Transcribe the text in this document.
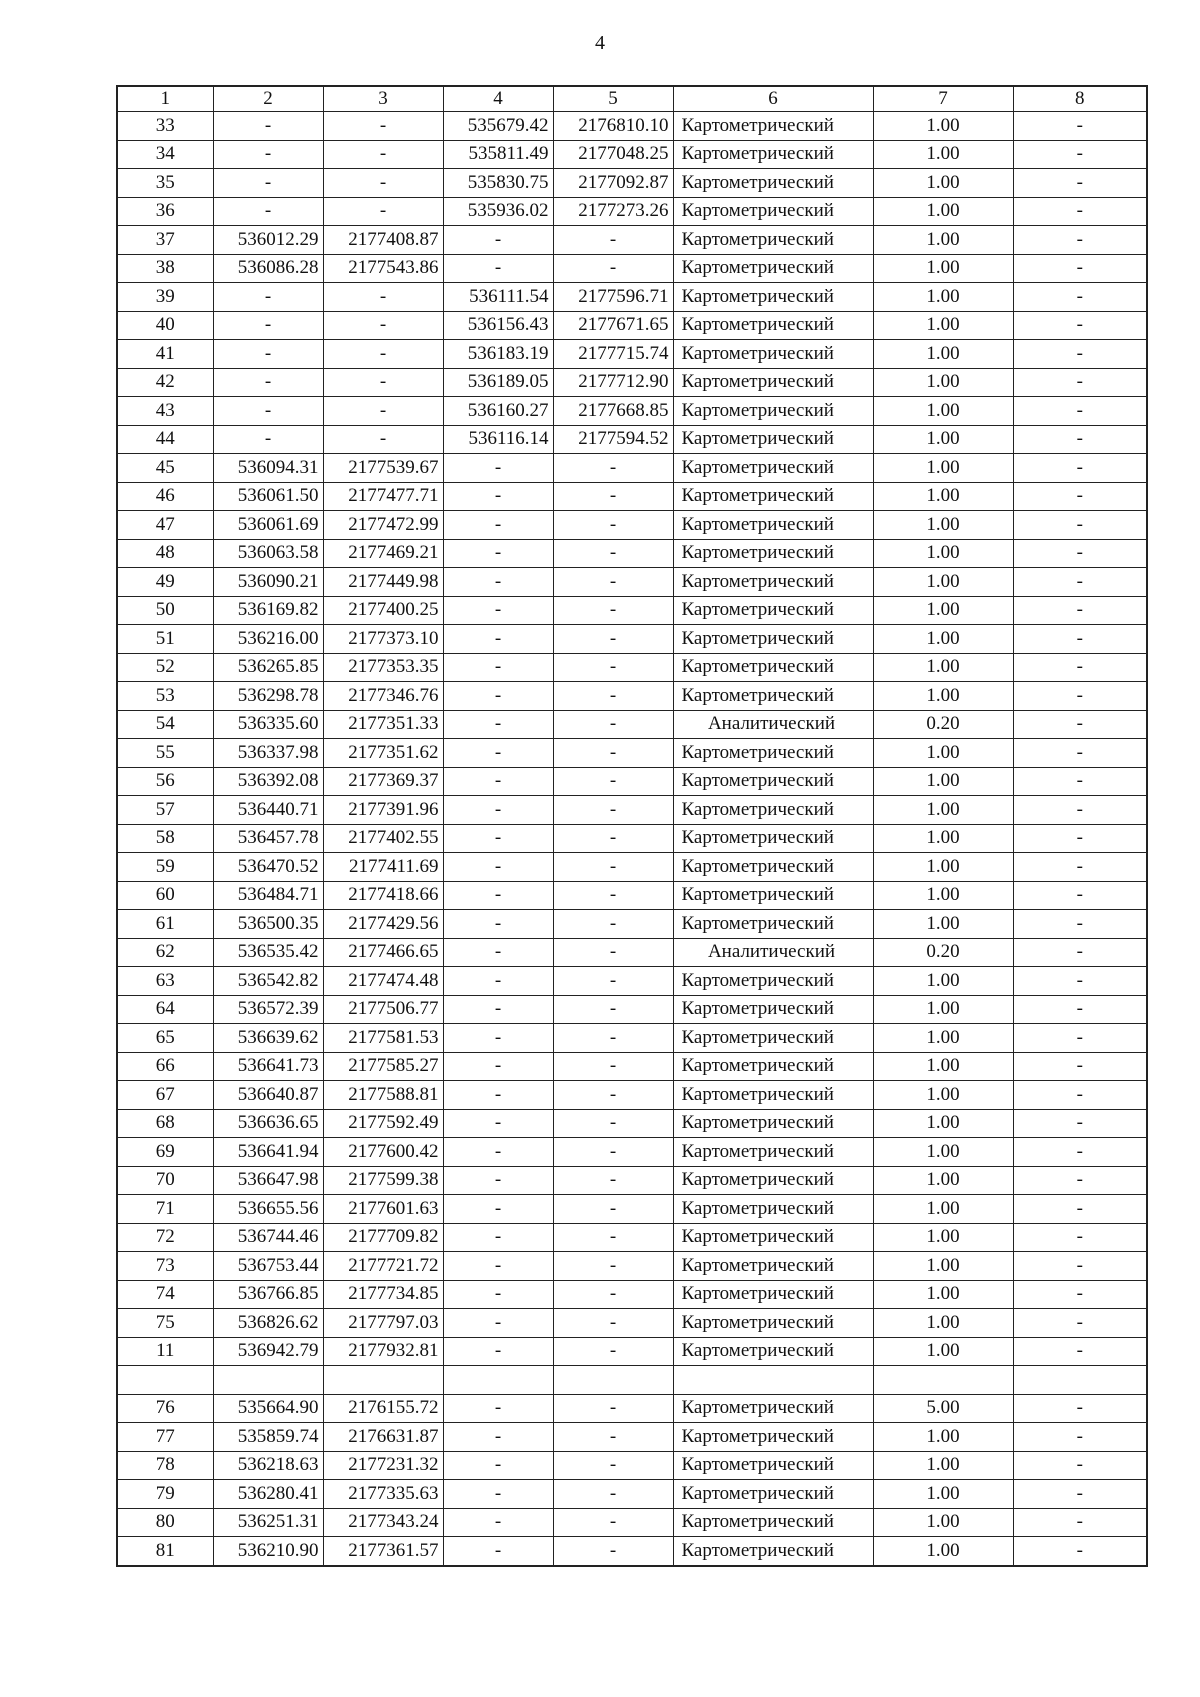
4
1	2	3	4	5	6	7	8
33	-	-	535679.42	2176810.10	Картометрический	1.00	-
34	-	-	535811.49	2177048.25	Картометрический	1.00	-
35	-	-	535830.75	2177092.87	Картометрический	1.00	-
36	-	-	535936.02	2177273.26	Картометрический	1.00	-
37	536012.29	2177408.87	-	-	Картометрический	1.00	-
38	536086.28	2177543.86	-	-	Картометрический	1.00	-
39	-	-	536111.54	2177596.71	Картометрический	1.00	-
40	-	-	536156.43	2177671.65	Картометрический	1.00	-
41	-	-	536183.19	2177715.74	Картометрический	1.00	-
42	-	-	536189.05	2177712.90	Картометрический	1.00	-
43	-	-	536160.27	2177668.85	Картометрический	1.00	-
44	-	-	536116.14	2177594.52	Картометрический	1.00	-
45	536094.31	2177539.67	-	-	Картометрический	1.00	-
46	536061.50	2177477.71	-	-	Картометрический	1.00	-
47	536061.69	2177472.99	-	-	Картометрический	1.00	-
48	536063.58	2177469.21	-	-	Картометрический	1.00	-
49	536090.21	2177449.98	-	-	Картометрический	1.00	-
50	536169.82	2177400.25	-	-	Картометрический	1.00	-
51	536216.00	2177373.10	-	-	Картометрический	1.00	-
52	536265.85	2177353.35	-	-	Картометрический	1.00	-
53	536298.78	2177346.76	-	-	Картометрический	1.00	-
54	536335.60	2177351.33	-	-	Аналитический	0.20	-
55	536337.98	2177351.62	-	-	Картометрический	1.00	-
56	536392.08	2177369.37	-	-	Картометрический	1.00	-
57	536440.71	2177391.96	-	-	Картометрический	1.00	-
58	536457.78	2177402.55	-	-	Картометрический	1.00	-
59	536470.52	2177411.69	-	-	Картометрический	1.00	-
60	536484.71	2177418.66	-	-	Картометрический	1.00	-
61	536500.35	2177429.56	-	-	Картометрический	1.00	-
62	536535.42	2177466.65	-	-	Аналитический	0.20	-
63	536542.82	2177474.48	-	-	Картометрический	1.00	-
64	536572.39	2177506.77	-	-	Картометрический	1.00	-
65	536639.62	2177581.53	-	-	Картометрический	1.00	-
66	536641.73	2177585.27	-	-	Картометрический	1.00	-
67	536640.87	2177588.81	-	-	Картометрический	1.00	-
68	536636.65	2177592.49	-	-	Картометрический	1.00	-
69	536641.94	2177600.42	-	-	Картометрический	1.00	-
70	536647.98	2177599.38	-	-	Картометрический	1.00	-
71	536655.56	2177601.63	-	-	Картометрический	1.00	-
72	536744.46	2177709.82	-	-	Картометрический	1.00	-
73	536753.44	2177721.72	-	-	Картометрический	1.00	-
74	536766.85	2177734.85	-	-	Картометрический	1.00	-
75	536826.62	2177797.03	-	-	Картометрический	1.00	-
11	536942.79	2177932.81	-	-	Картометрический	1.00	-

76	535664.90	2176155.72	-	-	Картометрический	5.00	-
77	535859.74	2176631.87	-	-	Картометрический	1.00	-
78	536218.63	2177231.32	-	-	Картометрический	1.00	-
79	536280.41	2177335.63	-	-	Картометрический	1.00	-
80	536251.31	2177343.24	-	-	Картометрический	1.00	-
81	536210.90	2177361.57	-	-	Картометрический	1.00	-
